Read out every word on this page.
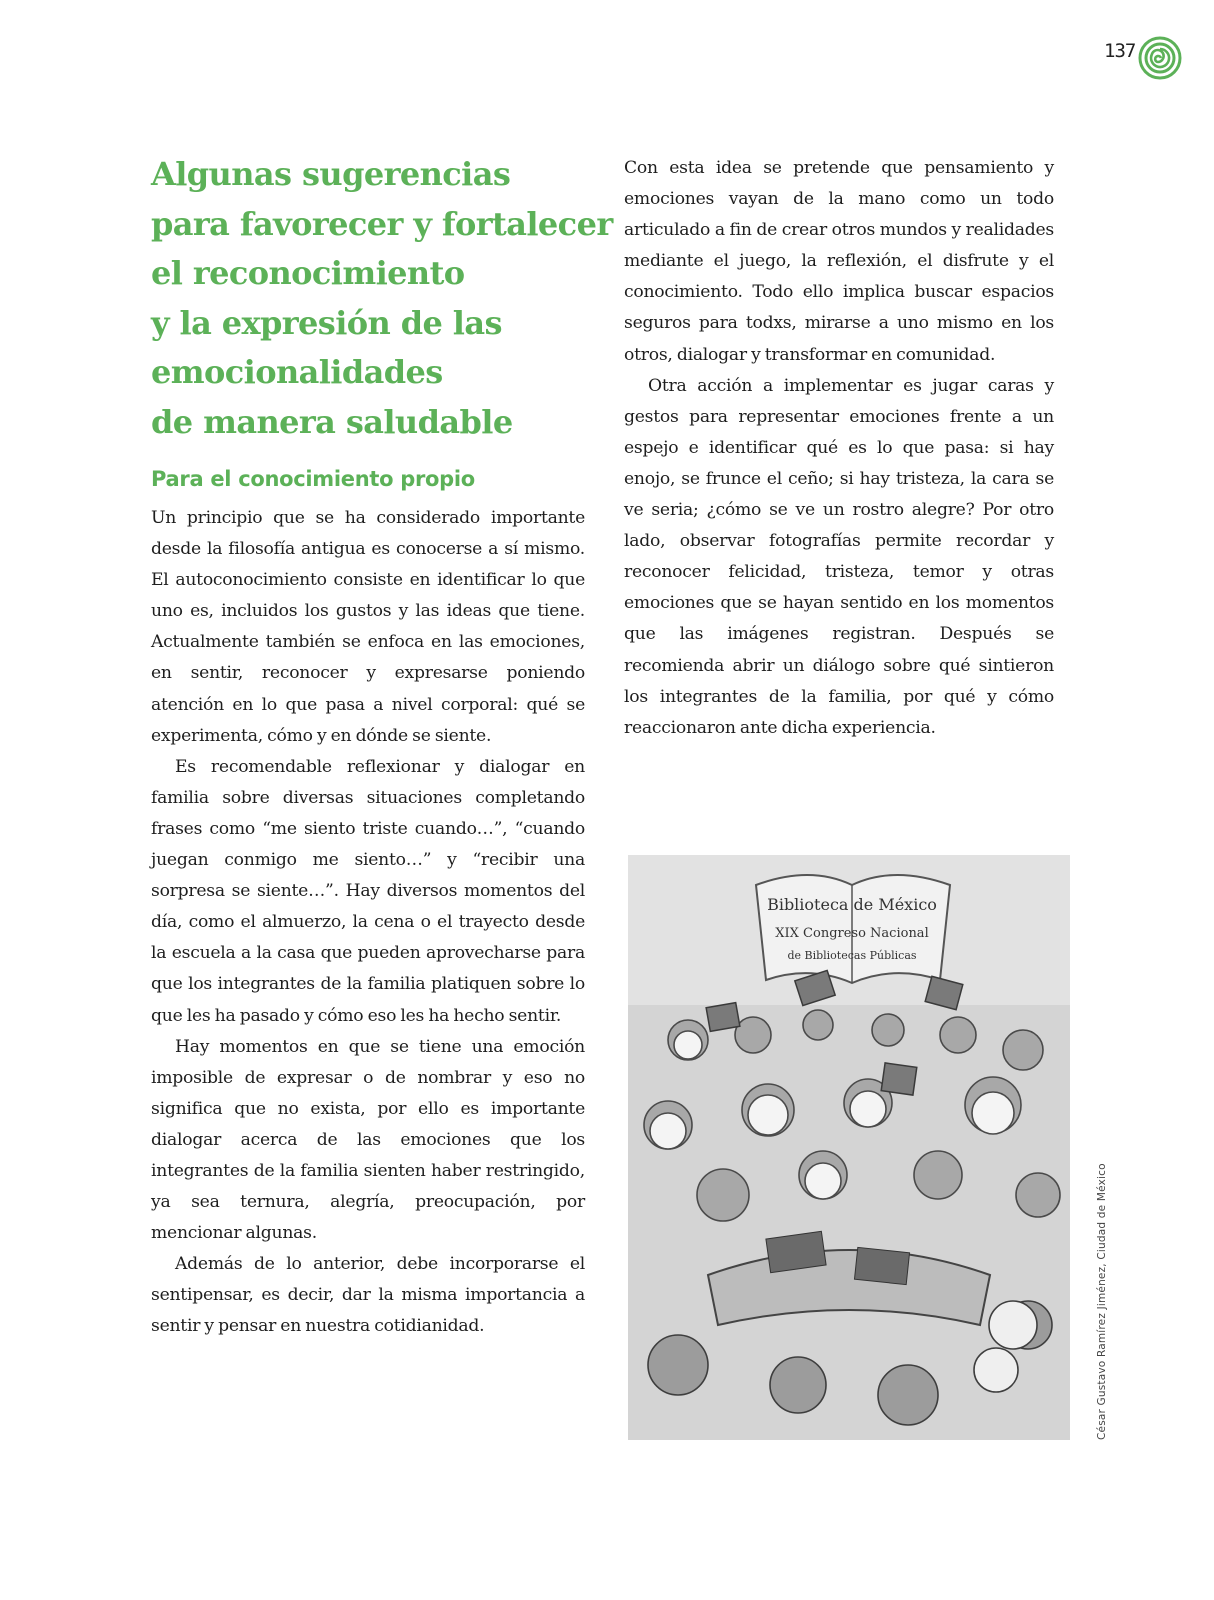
137
Algunas sugerencias
para favorecer y fortalecer
el reconocimiento
y la expresión de las
emocionalidades
de manera saludable
Para el conocimiento propio

Un principio que se ha considerado importante desde la filosofía antigua es conocerse a sí mismo. El autoconocimiento consiste en identificar lo que uno es, incluidos los gustos y las ideas que tiene. Actualmente también se enfoca en las emociones, en sentir, reconocer y expresarse poniendo atención en lo que pasa a nivel corporal: qué se experimenta, cómo y en dónde se siente.

Es recomendable reflexionar y dialogar en familia sobre diversas situaciones completando frases como “me siento triste cuando…”, “cuando juegan conmigo me siento…” y “recibir una sorpresa se siente…”. Hay diversos momentos del día, como el almuerzo, la cena o el trayecto desde la escuela a la casa que pueden aprovecharse para que los integrantes de la familia platiquen sobre lo que les ha pasado y cómo eso les ha hecho sentir.

Hay momentos en que se tiene una emoción imposible de expresar o de nombrar y eso no significa que no exista, por ello es importante dialogar acerca de las emociones que los integrantes de la familia sienten haber restringido, ya sea ternura, alegría, preocupación, por mencionar algunas.

Además de lo anterior, debe incorporarse el sentipensar, es decir, dar la misma importancia a sentir y pensar en nuestra cotidianidad.

Con esta idea se pretende que pensamiento y emociones vayan de la mano como un todo articulado a fin de crear otros mundos y realidades mediante el juego, la reflexión, el disfrute y el conocimiento. Todo ello implica buscar espacios seguros para todxs, mirarse a uno mismo en los otros, dialogar y transformar en comunidad.

Otra acción a implementar es jugar caras y gestos para representar emociones frente a un espejo e identificar qué es lo que pasa: si hay enojo, se frunce el ceño; si hay tristeza, la cara se ve seria; ¿cómo se ve un rostro alegre? Por otro lado, observar fotografías permite recordar y reconocer felicidad, tristeza, temor y otras emociones que se hayan sentido en los momentos que las imágenes registran. Después se recomienda abrir un diálogo sobre qué sintieron los integrantes de la familia, por qué y cómo reaccionaron ante dicha experiencia.

Biblioteca de México
XIX Congreso Nacional
de Bibliotecas Públicas
César Gustavo Ramírez Jiménez, Ciudad de México
